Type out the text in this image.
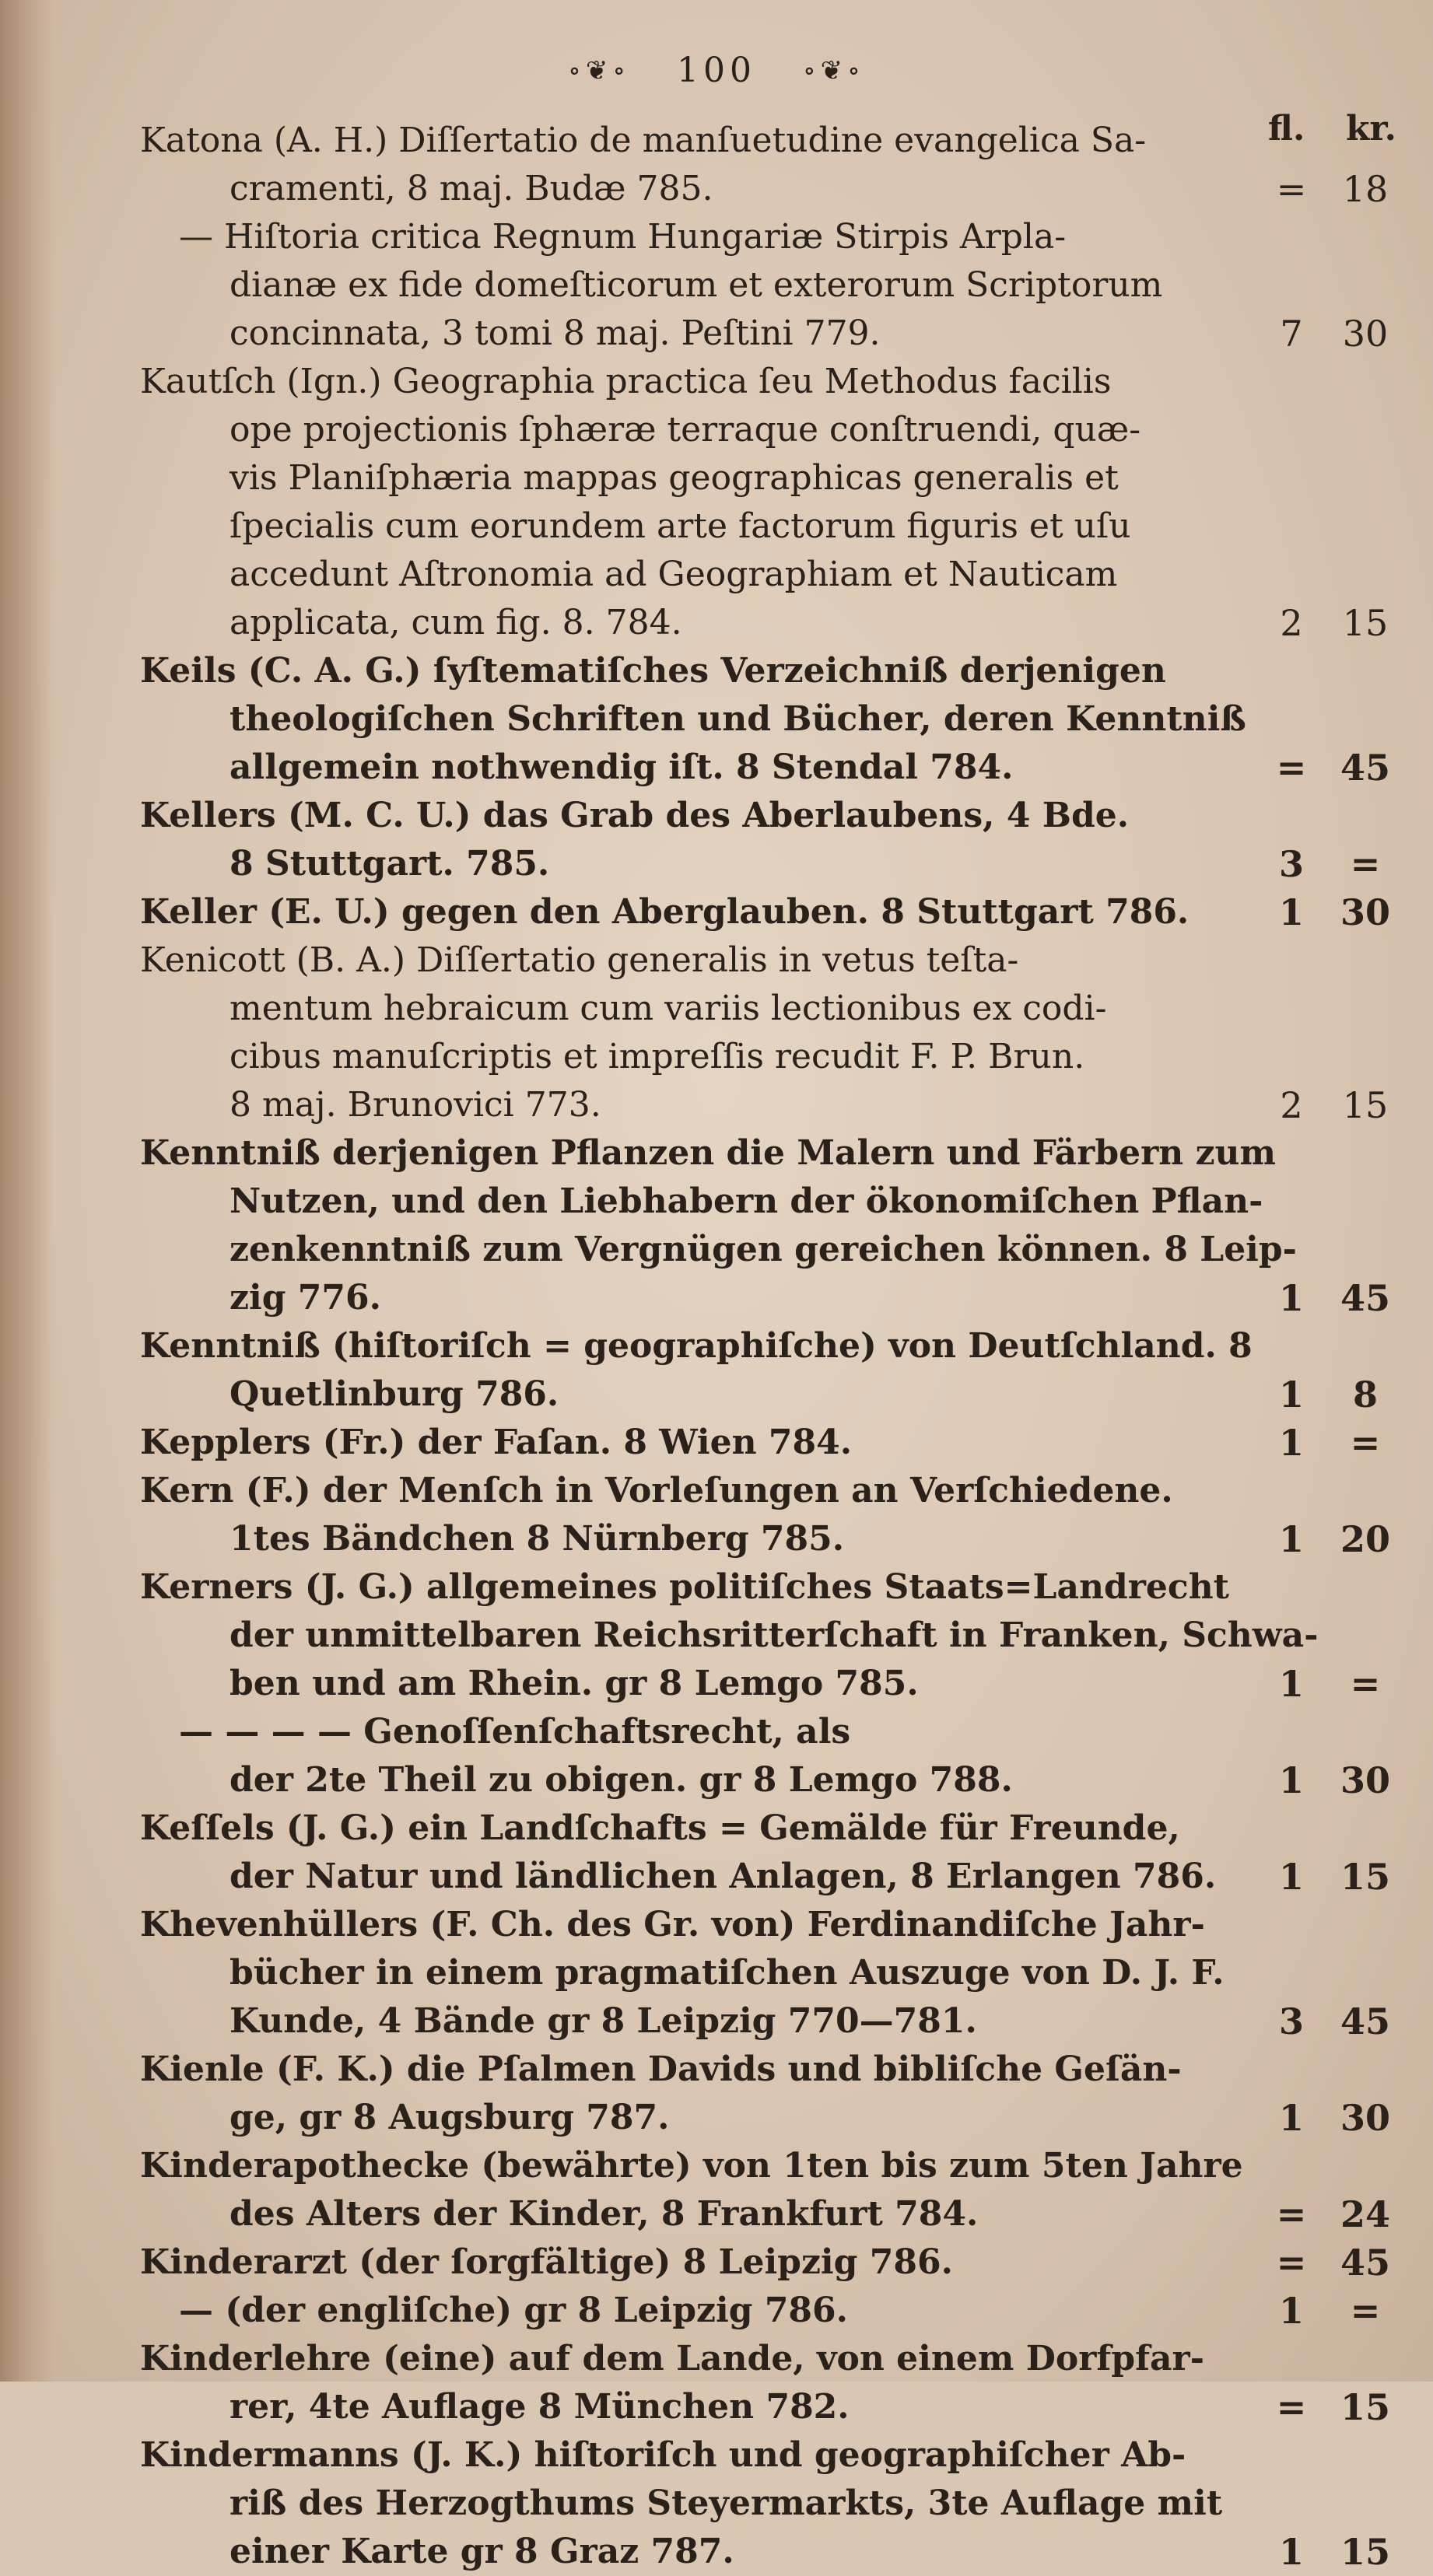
∘❦∘ 100 ∘❦∘
fl. kr.
Katona (A. H.) Diſſertatio de manſuetudine evangelica Sa-
cramenti, 8 maj. Budæ 785.	=	18
— Hiſtoria critica Regnum Hungariæ Stirpis Arpla-
dianæ ex fide domeſticorum et exterorum Scriptorum
concinnata, 3 tomi 8 maj. Peſtini 779.	7	30
Kautſch (Ign.) Geographia practica ſeu Methodus facilis
ope projectionis ſphæræ terraque conſtruendi, quæ-
vis Planiſphæria mappas geographicas generalis et
ſpecialis cum eorundem arte factorum figuris et uſu
accedunt Aſtronomia ad Geographiam et Nauticam
applicata, cum fig. 8. 784.	2	15
Keils (C. A. G.) ſyſtematiſches Verzeichniß derjenigen
theologiſchen Schriften und Bücher, deren Kenntniß
allgemein nothwendig iſt. 8 Stendal 784.	= 45
Kellers (M. C. U.) das Grab des Aberlaubens, 4 Bde.
8 Stuttgart. 785.	3	=
Keller (E. U.) gegen den Aberglauben. 8 Stuttgart 786.	1	30
Kenicott (B. A.) Diſſertatio generalis in vetus teſta-
mentum hebraicum cum variis lectionibus ex codi-
cibus manuſcriptis et impreſſis recudit F. P. Brun.
8 maj. Brunovici 773.	2	15
Kenntniß derjenigen Pflanzen die Malern und Färbern zum
Nutzen, und den Liebhabern der ökonomiſchen Pflan-
zenkenntniß zum Vergnügen gereichen können. 8 Leip-
zig 776.	1	45
Kenntniß (hiſtoriſch = geographiſche) von Deutſchland. 8
Quetlinburg 786.	1	8
Kepplers (Fr.) der Faſan. 8 Wien 784.	1	=
Kern (F.) der Menſch in Vorleſungen an Verſchiedene.
1tes Bändchen 8 Nürnberg 785.	1	20
Kerners (J. G.) allgemeines politiſches Staats=Landrecht
der unmittelbaren Reichsritterſchaft in Franken, Schwa-
ben und am Rhein. gr 8 Lemgo 785.	1	=
— — — — Genoſſenſchaftsrecht, als
der 2te Theil zu obigen. gr 8 Lemgo 788.	1	30
Keſſels (J. G.) ein Landſchafts = Gemälde für Freunde,
der Natur und ländlichen Anlagen, 8 Erlangen 786.	1	15
Khevenhüllers (F. Ch. des Gr. von) Ferdinandiſche Jahr-
bücher in einem pragmatiſchen Auszuge von D. J. F.
Kunde, 4 Bände gr 8 Leipzig 770—781.	3	45
Kienle (F. K.) die Pſalmen Davids und bibliſche Geſän-
ge, gr 8 Augsburg 787.	1	30
Kinderapothecke (bewährte) von 1ten bis zum 5ten Jahre
des Alters der Kinder, 8 Frankfurt 784.	= 24
Kinderarzt (der ſorgfältige) 8 Leipzig 786.	= 45
— (der engliſche) gr 8 Leipzig 786.	1	=
Kinderlehre (eine) auf dem Lande, von einem Dorfpfar-
rer, 4te Auflage 8 München 782.	= 15
Kindermanns (J. K.) hiſtoriſch und geographiſcher Ab-
riß des Herzogthums Steyermarkts, 3te Auflage mit
einer Karte gr 8 Graz 787.	1	15
